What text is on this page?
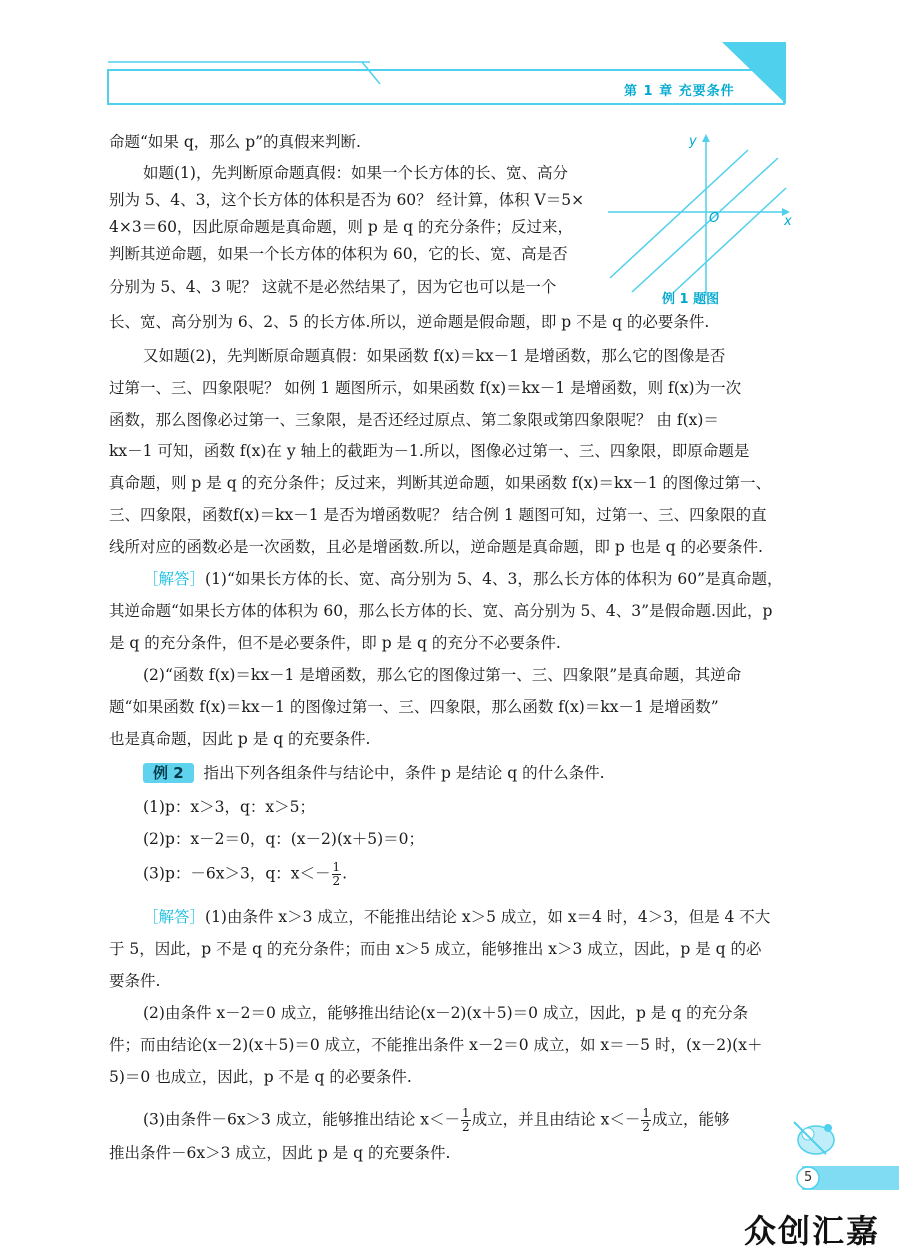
第 1 章 充要条件
y
x
O
例 1 题图
命题“如果 q，那么 p”的真假来判断.
如题(1)，先判断原命题真假：如果一个长方体的长、宽、高分
别为 5、4、3，这个长方体的体积是否为 60？ 经计算，体积 V＝5×
4×3＝60，因此原命题是真命题，则 p 是 q 的充分条件；反过来，
判断其逆命题，如果一个长方体的体积为 60，它的长、宽、高是否
分别为 5、4、3 呢？ 这就不是必然结果了，因为它也可以是一个
长、宽、高分别为 6、2、5 的长方体.所以，逆命题是假命题，即 p 不是 q 的必要条件.
又如题(2)，先判断原命题真假：如果函数 f(x)＝kx－1 是增函数，那么它的图像是否
过第一、三、四象限呢？ 如例 1 题图所示，如果函数 f(x)＝kx－1 是增函数，则 f(x)为一次
函数，那么图像必过第一、三象限，是否还经过原点、第二象限或第四象限呢？ 由 f(x)＝
kx－1 可知，函数 f(x)在 y 轴上的截距为－1.所以，图像必过第一、三、四象限，即原命题是
真命题，则 p 是 q 的充分条件；反过来，判断其逆命题，如果函数 f(x)＝kx－1 的图像过第一、
三、四象限，函数f(x)＝kx－1 是否为增函数呢？ 结合例 1 题图可知，过第一、三、四象限的直
线所对应的函数必是一次函数，且必是增函数.所以，逆命题是真命题，即 p 也是 q 的必要条件.
［解答］(1)“如果长方体的长、宽、高分别为 5、4、3，那么长方体的体积为 60”是真命题，
其逆命题“如果长方体的体积为 60，那么长方体的长、宽、高分别为 5、4、3”是假命题.因此，p
是 q 的充分条件，但不是必要条件，即 p 是 q 的充分不必要条件.
(2)“函数 f(x)＝kx－1 是增函数，那么它的图像过第一、三、四象限”是真命题，其逆命
题“如果函数 f(x)＝kx－1 的图像过第一、三、四象限，那么函数 f(x)＝kx－1 是增函数”
也是真命题，因此 p 是 q 的充要条件.
例 2 指出下列各组条件与结论中，条件 p 是结论 q 的什么条件.
(1)p：x＞3，q：x＞5；
(2)p：x－2＝0，q：(x－2)(x＋5)＝0；
(3)p：－6x＞3，q：$x<- \frac{1}{2}$ .
［解答］(1)由条件 x＞3 成立，不能推出结论 x＞5 成立，如 x＝4 时，4＞3，但是 4 不大
于 5，因此，p 不是 q 的充分条件；而由 x＞5 成立，能够推出 x＞3 成立，因此，p 是 q 的必
要条件.
(2)由条件 x－2＝0 成立，能够推出结论(x－2)(x＋5)＝0 成立，因此，p 是 q 的充分条
件；而由结论(x－2)(x＋5)＝0 成立，不能推出条件 x－2＝0 成立，如 x＝－5 时，(x－2)(x＋
5)＝0 也成立，因此，p 不是 q 的必要条件.
(3)由条件－6x＞3 成立，能够推出结论 $x<- \frac{1}{2}$ 成立，并且由结论 $x<- \frac{1}{2}$ 成立，能够
推出条件－6x＞3 成立，因此 p 是 q 的充要条件.
5
众创汇嘉
